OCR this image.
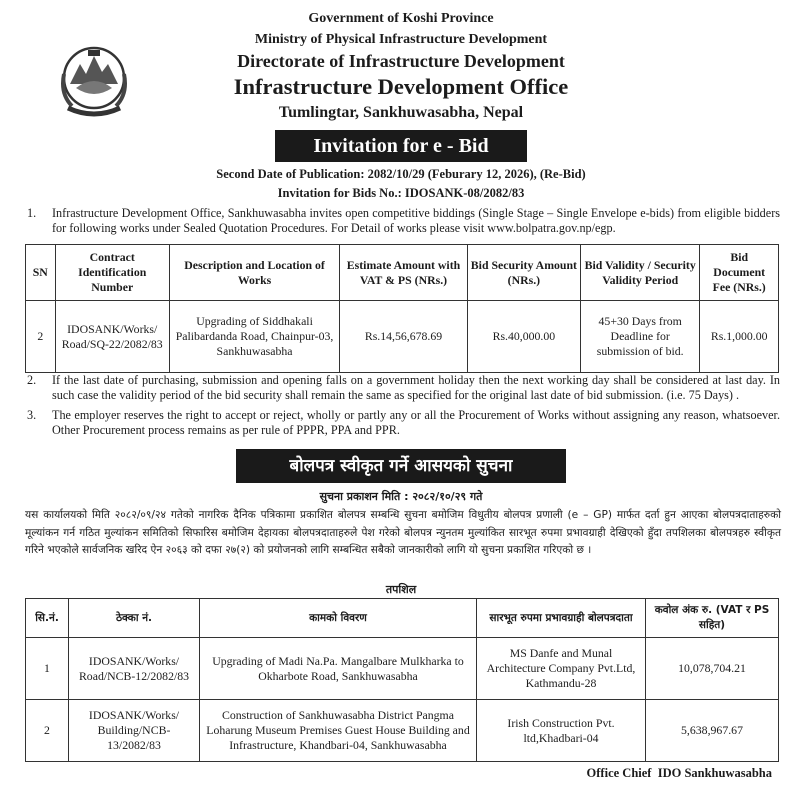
Government of Koshi Province
Ministry of Physical Infrastructure Development
Directorate of Infrastructure Development
Infrastructure Development Office
Tumlingtar, Sankhuwasabha, Nepal
Invitation for e - Bid
Second Date of Publication: 2082/10/29 (Feburary 12, 2026), (Re-Bid)
Invitation for Bids No.: IDOSANK-08/2082/83
1. Infrastructure Development Office, Sankhuwasabha invites open competitive biddings (Single Stage – Single Envelope e-bids) from eligible bidders for following works under Sealed Quotation Procedures. For Detail of works please visit www.bolpatra.gov.np/egp.
SN	Contract Identification Number	Description and Location of Works	Estimate Amount with VAT & PS (NRs.)	Bid Security Amount (NRs.)	Bid Validity / Security Validity Period	Bid Document Fee (NRs.)
2	IDOSANK/Works/ Road/SQ-22/2082/83	Upgrading of Siddhakali Palibardanda Road, Chainpur-03, Sankhuwasabha	Rs.14,56,678.69	Rs.40,000.00	45+30 Days from Deadline for submission of bid.	Rs.1,000.00
2. If the last date of purchasing, submission and opening falls on a government holiday then the next working day shall be considered at last day. In such case the validity period of the bid security shall remain the same as specified for the original last date of bid submission. (i.e. 75 Days) .
3. The employer reserves the right to accept or reject, wholly or partly any or all the Procurement of Works without assigning any reason, whatsoever. Other Procurement process remains as per rule of PPPR, PPA and PPR.
बोलपत्र स्वीकृत गर्ने आसयको सुचना
सुचना प्रकाशन मिति : २०८२/१०/२९ गते
यस कार्यालयको मिति २०८२/०९/२४ गतेको नागरिक दैनिक पत्रिकामा प्रकाशित बोलपत्र सम्बन्धि सुचना बमोजिम विधुतीय बोलपत्र प्रणाली (e – GP) मार्फत दर्ता हुन आएका बोलपत्रदाताहरुको मूल्यांकन गर्न गठित मुल्यांकन समितिको सिफारिस बमोजिम देहायका बोलपत्रदाताहरुले पेश गरेको बोलपत्र न्युनतम मुल्यांकित सारभूत रुपमा प्रभावग्राही देखिएको हुँदा तपशिलका बोलपत्रहरु स्वीकृत गरिने भएकोले सार्वजनिक खरिद ऐन २०६३ को दफा २७(२) को प्रयोजनको लागि सम्बन्धित सबैको जानकारीको लागि यो सुचना प्रकाशित गरिएको छ ।
तपशिल
सि.नं.	ठेक्का नं.	कामको विवरण	सारभूत रुपमा प्रभावग्राही बोलपत्रदाता	कवोल अंक रु. (VAT र PS सहित)
1	IDOSANK/Works/ Road/NCB-12/2082/83	Upgrading of Madi Na.Pa. Mangalbare Mulkharka to Okharbote Road, Sankhuwasabha	MS Danfe and Munal Architecture Company Pvt.Ltd, Kathmandu-28	10,078,704.21
2	IDOSANK/Works/ Building/NCB-13/2082/83	Construction of Sankhuwasabha District Pangma Loharung Museum Premises Guest House Building and Infrastructure, Khandbari-04, Sankhuwasabha	Irish Construction Pvt. ltd,Khadbari-04	5,638,967.67
Office Chief  IDO Sankhuwasabha
